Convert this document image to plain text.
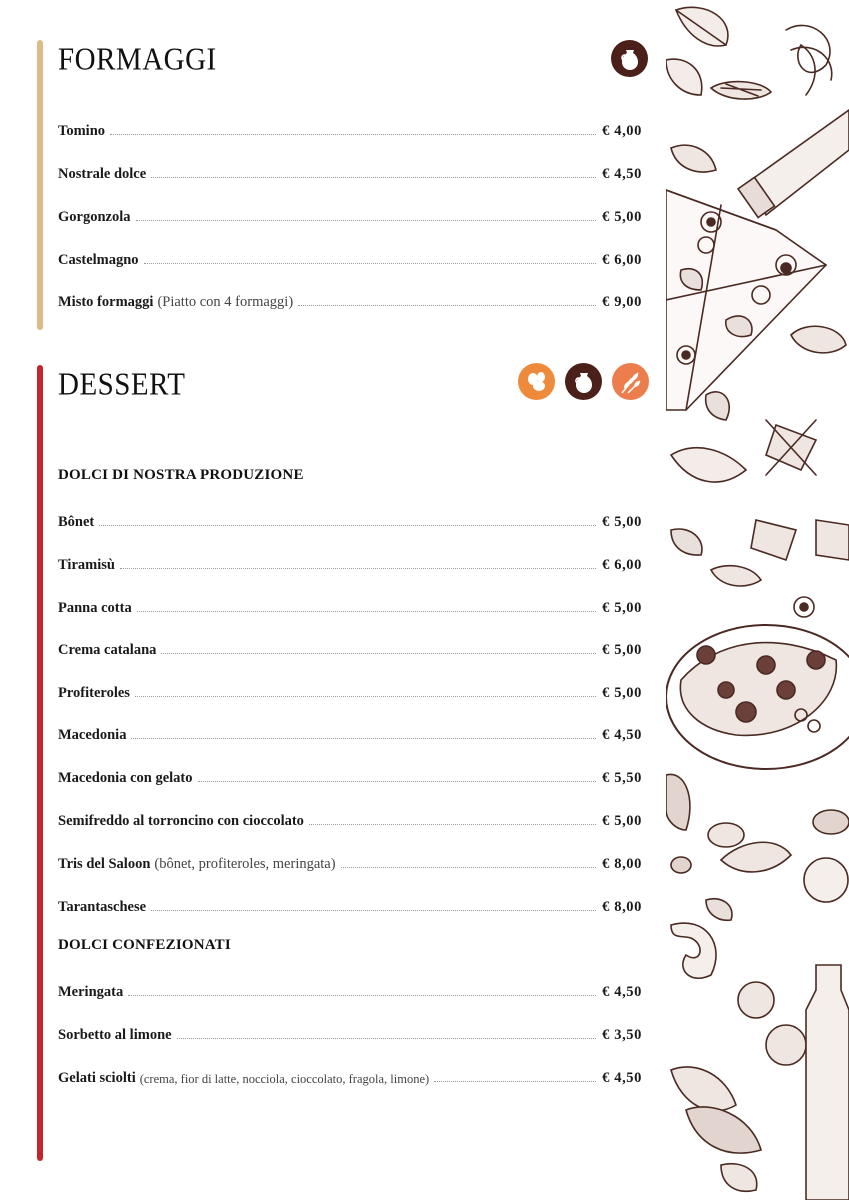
FORMAGGI
Tomino	€ 4,00
Nostrale dolce	€ 4,50
Gorgonzola	€ 5,00
Castelmagno	€ 6,00
Misto formaggi (Piatto con 4 formaggi)	€ 9,00
DESSERT
DOLCI DI NOSTRA PRODUZIONE
Bônet	€ 5,00
Tiramisù	€ 6,00
Panna cotta	€ 5,00
Crema catalana	€ 5,00
Profiteroles	€ 5,00
Macedonia	€ 4,50
Macedonia con gelato	€ 5,50
Semifreddo al torroncino con cioccolato	€ 5,00
Tris del Saloon (bônet, profiteroles, meringata)	€ 8,00
Tarantaschese	€ 8,00
DOLCI CONFEZIONATI
Meringata	€ 4,50
Sorbetto al limone	€ 3,50
Gelati sciolti (crema, fior di latte, nocciola, cioccolato, fragola, limone)	€ 4,50
